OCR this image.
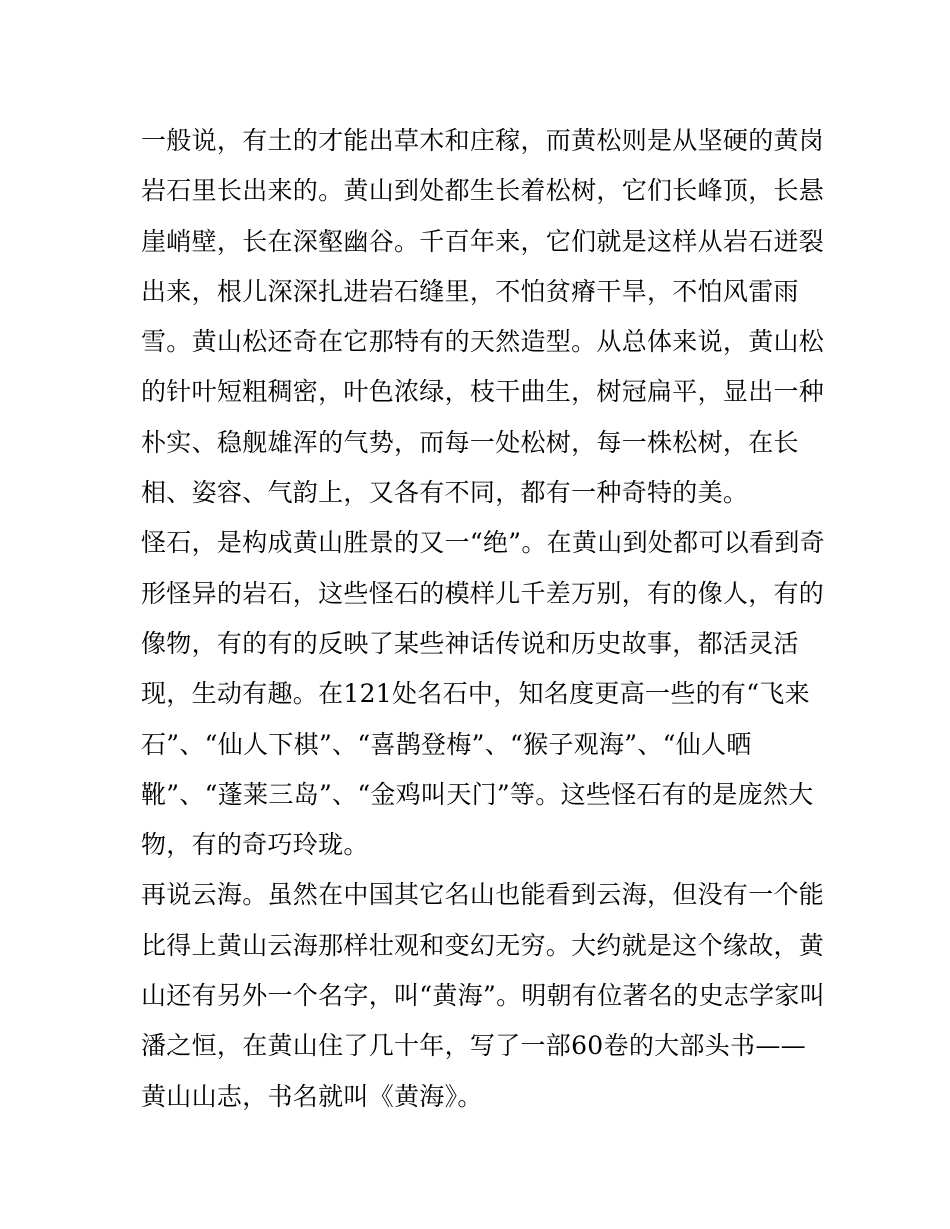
一般说，有土的才能出草木和庄稼，而黄松则是从坚硬的黄岗
岩石里长出来的。黄山到处都生长着松树，它们长峰顶，长悬
崖峭壁，长在深壑幽谷。千百年来，它们就是这样从岩石迸裂
出来，根儿深深扎进岩石缝里，不怕贫瘠干旱，不怕风雷雨
雪。黄山松还奇在它那特有的天然造型。从总体来说，黄山松
的针叶短粗稠密，叶色浓绿，枝干曲生，树冠扁平，显出一种
朴实、稳舰雄浑的气势，而每一处松树，每一株松树，在长
相、姿容、气韵上，又各有不同，都有一种奇特的美。
怪石，是构成黄山胜景的又一“绝”。在黄山到处都可以看到奇
形怪异的岩石，这些怪石的模样儿千差万别，有的像人，有的
像物，有的有的反映了某些神话传说和历史故事，都活灵活
现，生动有趣。在121处名石中，知名度更高一些的有“飞来
石”、“仙人下棋”、“喜鹊登梅”、“猴子观海”、“仙人晒
靴”、“蓬莱三岛”、“金鸡叫天门”等。这些怪石有的是庞然大
物，有的奇巧玲珑。
再说云海。虽然在中国其它名山也能看到云海，但没有一个能
比得上黄山云海那样壮观和变幻无穷。大约就是这个缘故，黄
山还有另外一个名字，叫“黄海”。明朝有位著名的史志学家叫
潘之恒，在黄山住了几十年，写了一部60卷的大部头书——
黄山山志，书名就叫《黄海》。
